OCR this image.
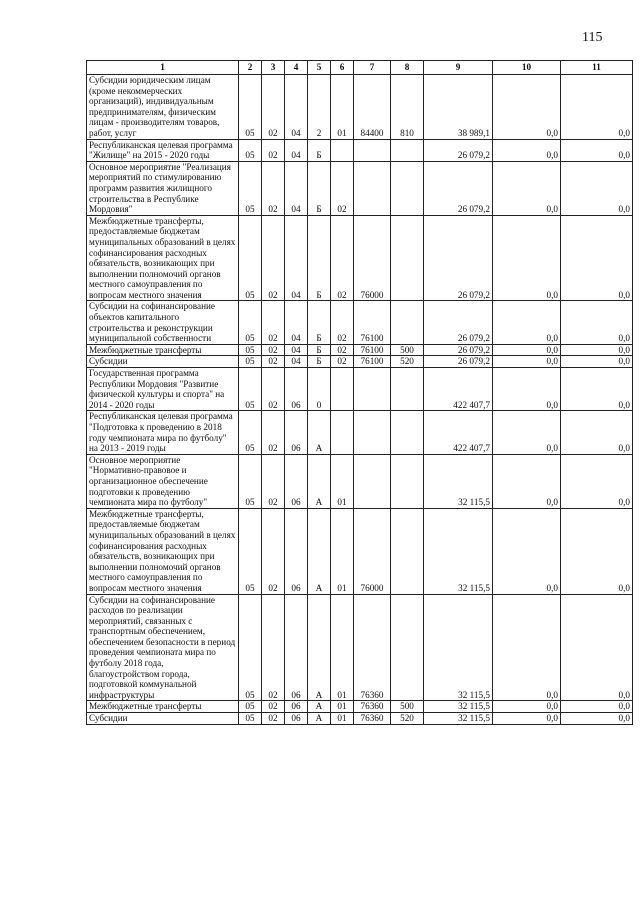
115
1	2	3	4	5	6	7	8	9	10	11

Субсидии юридическим лицам (кроме некоммерческих организаций), индивидуальным предпринимателям, физическим лицам - производителям товаров, работ, услуг	05	02	04	2	01	84400	810	38 989,1	0,0	0,0

Республиканская целевая программа "Жилище" на 2015 - 2020 годы	05	02	04	Б				26 079,2	0,0	0,0

Основное мероприятие "Реализация мероприятий по стимулированию программ развития жилищного строительства в Республике Мордовия"	05	02	04	Б	02			26 079,2	0,0	0,0

Межбюджетные трансферты, предоставляемые бюджетам муниципальных образований в целях софинансирования расходных обязательств, возникающих при выполнении полномочий органов местного самоуправления по вопросам местного значения	05	02	04	Б	02	76000		26 079,2	0,0	0,0

Субсидии на софинансирование объектов капитального строительства и реконструкции муниципальной собственности	05	02	04	Б	02	76100		26 079,2	0,0	0,0

Межбюджетные трансферты	05	02	04	Б	02	76100	500	26 079,2	0,0	0,0

Субсидии	05	02	04	Б	02	76100	520	26 079,2	0,0	0,0

Государственная программа Республики Мордовия "Развитие физической культуры и спорта" на 2014 - 2020 годы	05	02	06	0				422 407,7	0,0	0,0

Республиканская целевая программа "Подготовка к проведению в 2018 году чемпионата мира по футболу" на 2013 - 2019 годы	05	02	06	А				422 407,7	0,0	0,0

Основное мероприятие "Нормативно-правовое и организационное обеспечение подготовки к проведению чемпионата мира по футболу"	05	02	06	А	01			32 115,5	0,0	0,0

Межбюджетные трансферты, предоставляемые бюджетам муниципальных образований в целях софинансирования расходных обязательств, возникающих при выполнении полномочий органов местного самоуправления по вопросам местного значения	05	02	06	А	01	76000		32 115,5	0,0	0,0

Субсидии на софинансирование расходов по реализации мероприятий, связанных с транспортным обеспечением, обеспечением безопасности в период проведения чемпионата мира по футболу 2018 года, благоустройством города, подготовкой коммунальной инфраструктуры	05	02	06	А	01	76360		32 115,5	0,0	0,0

Межбюджетные трансферты	05	02	06	А	01	76360	500	32 115,5	0,0	0,0

Субсидии	05	02	06	А	01	76360	520	32 115,5	0,0	0,0
